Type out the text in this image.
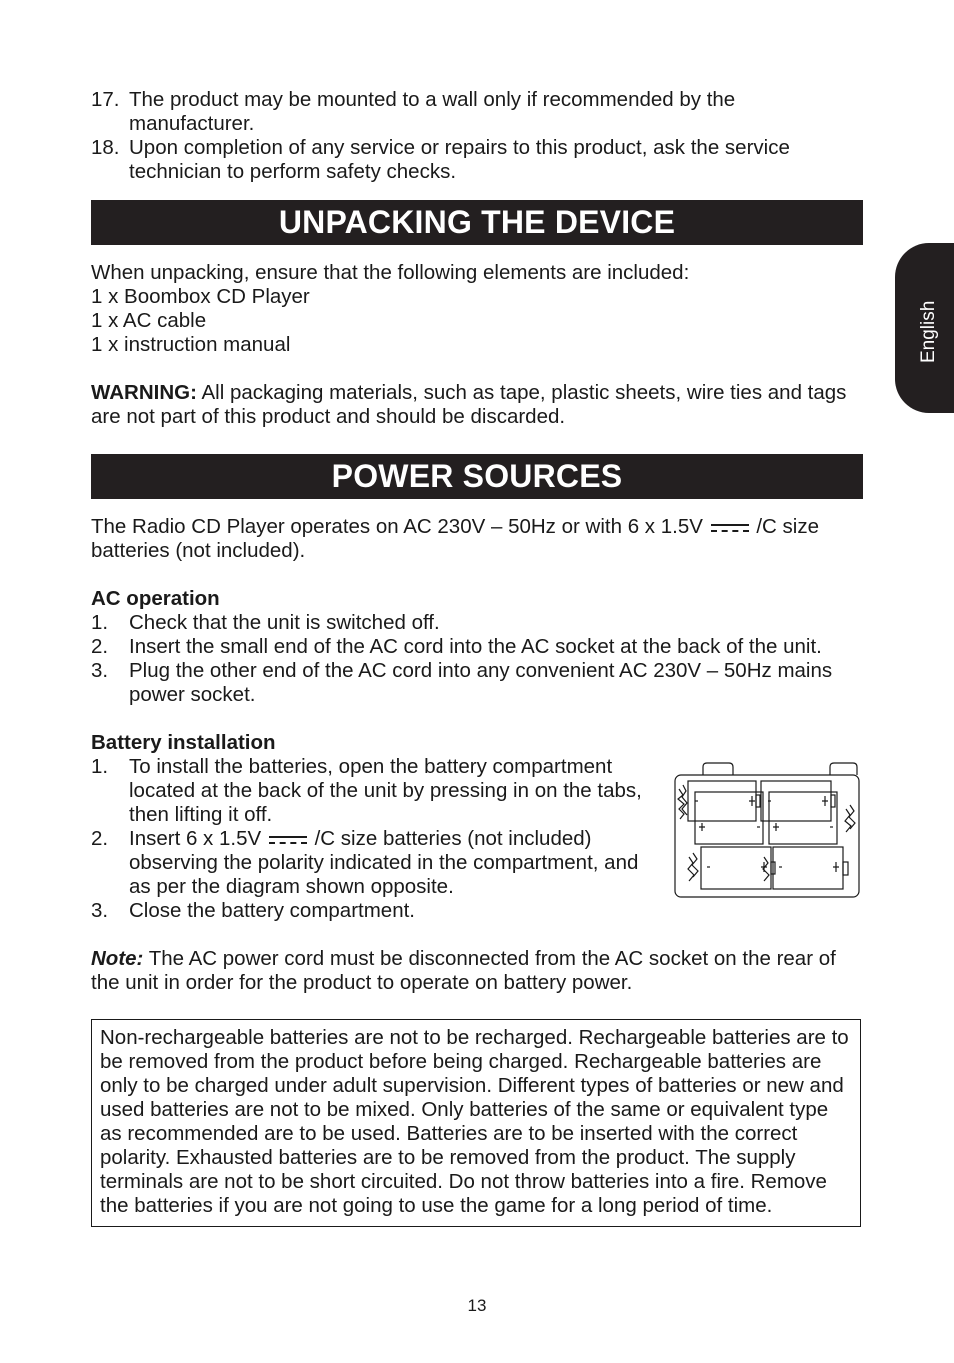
English
17. The product may be mounted to a wall only if recommended by the manufacturer.
18. Upon completion of any service or repairs to this product, ask the service technician to perform safety checks.
UNPACKING THE DEVICE

When unpacking, ensure that the following elements are included:

1 x Boombox CD Player

1 x AC cable

1 x instruction manual

WARNING: All packaging materials, such as tape, plastic sheets, wire ties and tags are not part of this product and should be discarded.

POWER SOURCES

The Radio CD Player operates on AC 230V – 50Hz or with 6 x 1.5V	/C size batteries (not included).

AC operation

1.	Check that the unit is switched off.
2.	Insert the small end of the AC cord into the AC socket at the back of the unit.
3.	Plug the other end of the AC cord into any convenient AC 230V – 50Hz mains power socket.

Battery installation

1.	To install the batteries, open the battery compartment located at the back of the unit by pressing in on the tabs, then lifting it off.
2.	Insert 6 x 1.5V	/C size batteries (not included) observing the polarity indicated in the compartment, and as per the diagram shown opposite.
3.	Close the battery compartment.

Note: The AC power cord must be disconnected from the AC socket on the rear of the unit in order for the product to operate on battery power.

Non-rechargeable batteries are not to be recharged. Rechargeable batteries are to be removed from the product before being charged. Rechargeable batteries are only to be charged under adult supervision. Different types of batteries or new and used batteries are not to be mixed. Only batteries of the same or equivalent type as recommended are to be used. Batteries are to be inserted with the correct polarity. Exhausted batteries are to be removed from the product. The supply terminals are not to be short circuited. Do not throw batteries into a fire. Remove the batteries if you are not going to use the game for a long period of time.

13
